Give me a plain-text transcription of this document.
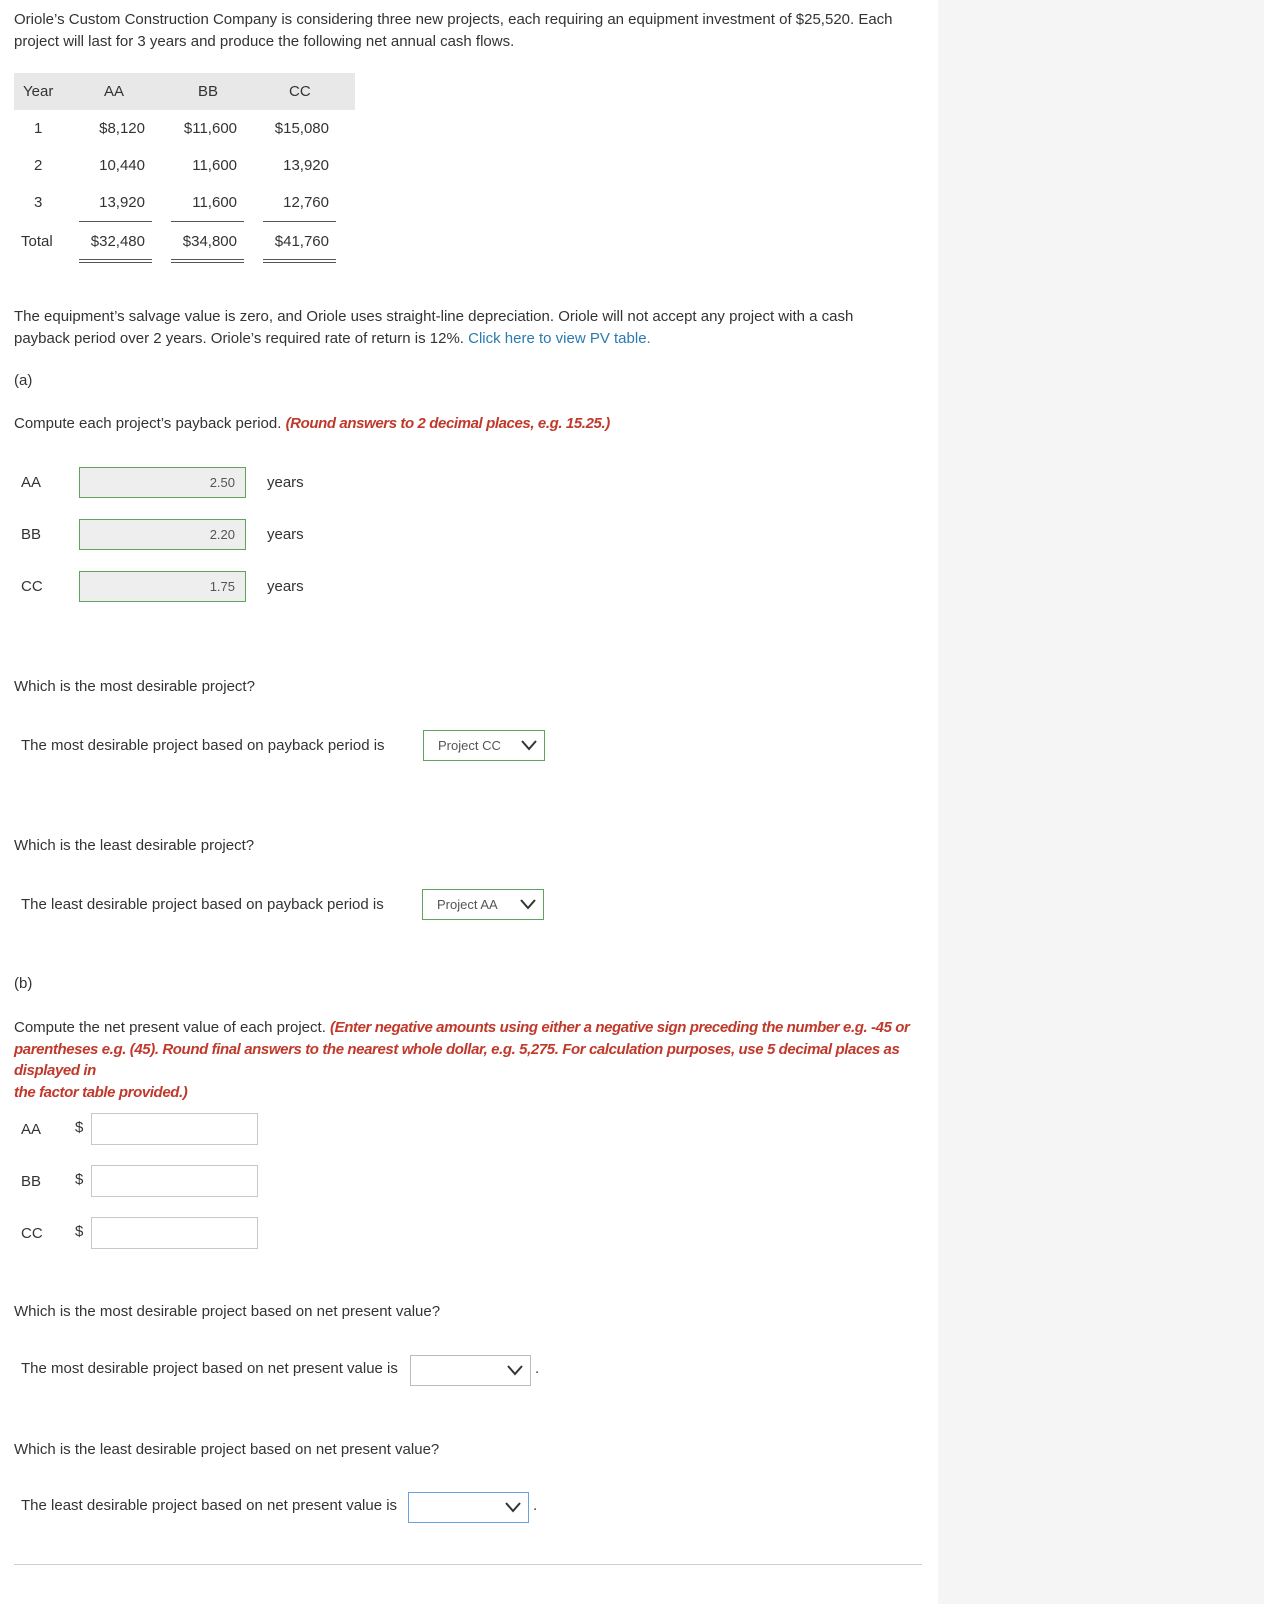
Oriole’s Custom Construction Company is considering three new projects, each requiring an equipment investment of $25,520. Each
project will last for 3 years and produce the following net annual cash flows.
Year	AA	BB	CC
1	$8,120	$11,600	$15,080
2	10,440	11,600	13,920
3	13,920	11,600	12,760
Total	$32,480	$34,800	$41,760
The equipment’s salvage value is zero, and Oriole uses straight-line depreciation. Oriole will not accept any project with a cash
payback period over 2 years. Oriole’s required rate of return is 12%. Click here to view PV table.
(a)
Compute each project’s payback period. (Round answers to 2 decimal places, e.g. 15.25.)
AA	2.50	years
BB	2.20	years
CC	1.75	years
Which is the most desirable project?
The most desirable project based on payback period is	Project CC
Which is the least desirable project?
The least desirable project based on payback period is	Project AA
(b)
Compute the net present value of each project. (Enter negative amounts using either a negative sign preceding the number e.g. -45 or
parentheses e.g. (45). Round final answers to the nearest whole dollar, e.g. 5,275. For calculation purposes, use 5 decimal places as displayed in
the factor table provided.)
AA $
BB $
CC $
Which is the most desirable project based on net present value?
The most desirable project based on net present value is	.
Which is the least desirable project based on net present value?
The least desirable project based on net present value is	.
